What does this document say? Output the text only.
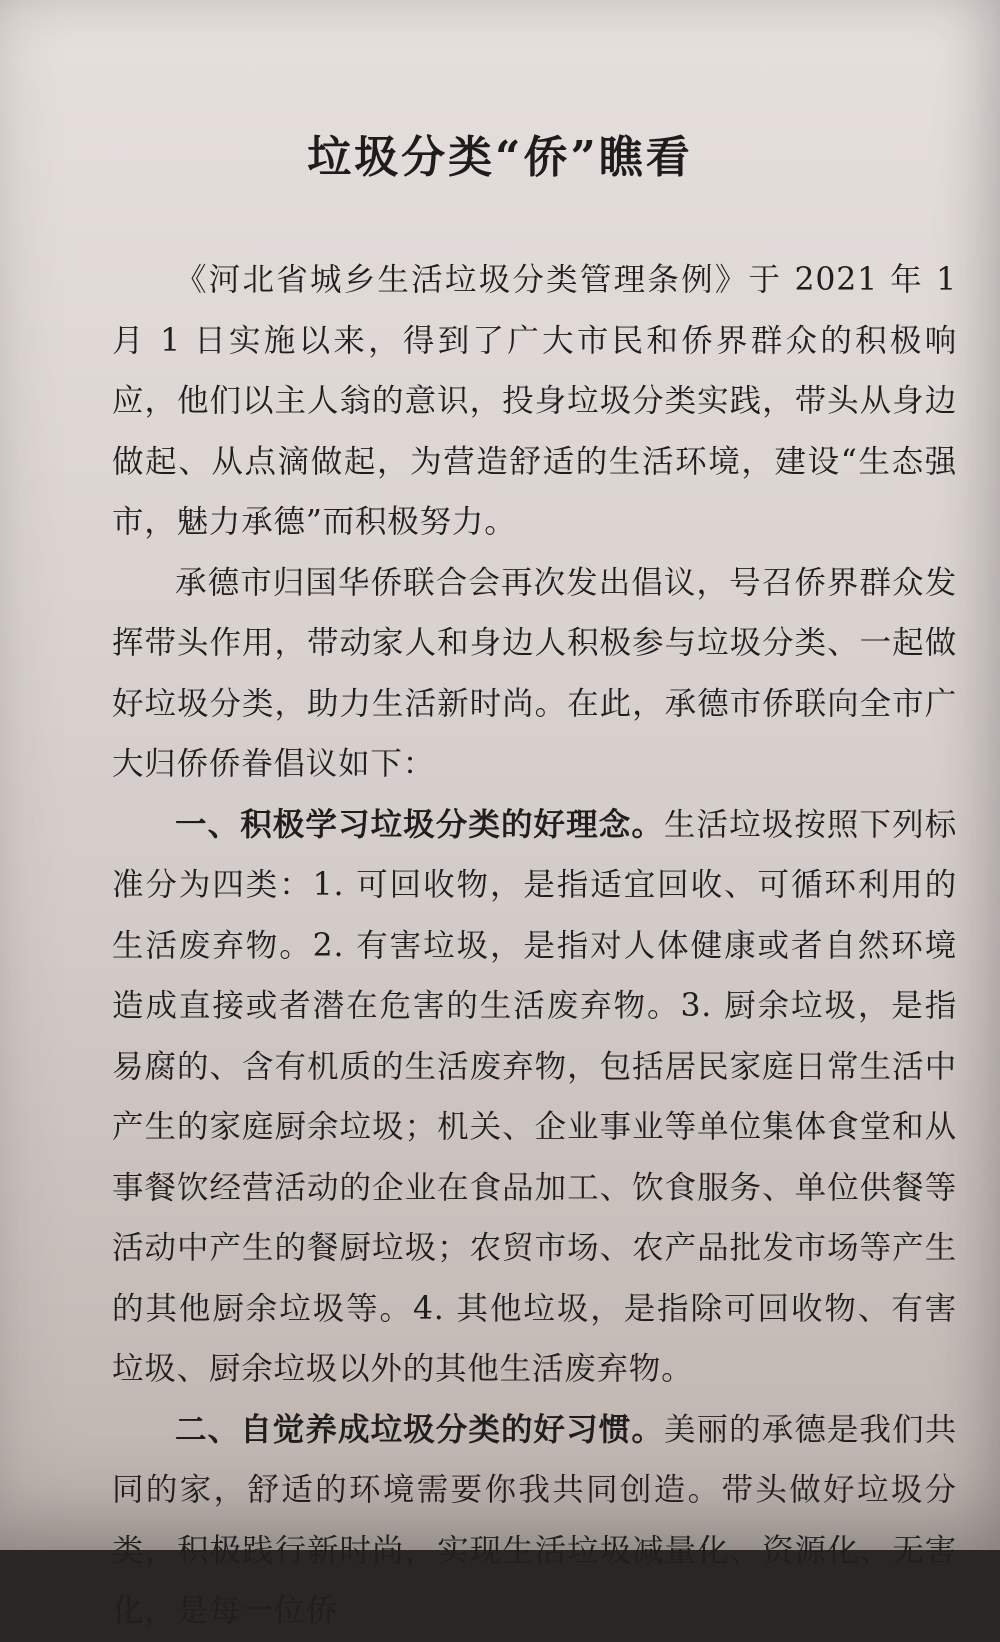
垃圾分类“侨”瞧看

《河北省城乡生活垃圾分类管理条例》于 2021 年 1 月 1 日实施以来，得到了广大市民和侨界群众的积极响应，他们以主人翁的意识，投身垃圾分类实践，带头从身边做起、从点滴做起，为营造舒适的生活环境，建设“生态强市，魅力承德”而积极努力。

承德市归国华侨联合会再次发出倡议，号召侨界群众发挥带头作用，带动家人和身边人积极参与垃圾分类、一起做好垃圾分类，助力生活新时尚。在此，承德市侨联向全市广大归侨侨眷倡议如下：

一、积极学习垃圾分类的好理念。生活垃圾按照下列标准分为四类：1. 可回收物，是指适宜回收、可循环利用的生活废弃物。2. 有害垃圾，是指对人体健康或者自然环境造成直接或者潜在危害的生活废弃物。3. 厨余垃圾，是指易腐的、含有机质的生活废弃物，包括居民家庭日常生活中产生的家庭厨余垃圾；机关、企业事业等单位集体食堂和从事餐饮经营活动的企业在食品加工、饮食服务、单位供餐等活动中产生的餐厨垃圾；农贸市场、农产品批发市场等产生的其他厨余垃圾等。4. 其他垃圾，是指除可回收物、有害垃圾、厨余垃圾以外的其他生活废弃物。

二、自觉养成垃圾分类的好习惯。美丽的承德是我们共同的家，舒适的环境需要你我共同创造。带头做好垃圾分类，积极践行新时尚，实现生活垃圾减量化、资源化、无害化，是每一位侨
